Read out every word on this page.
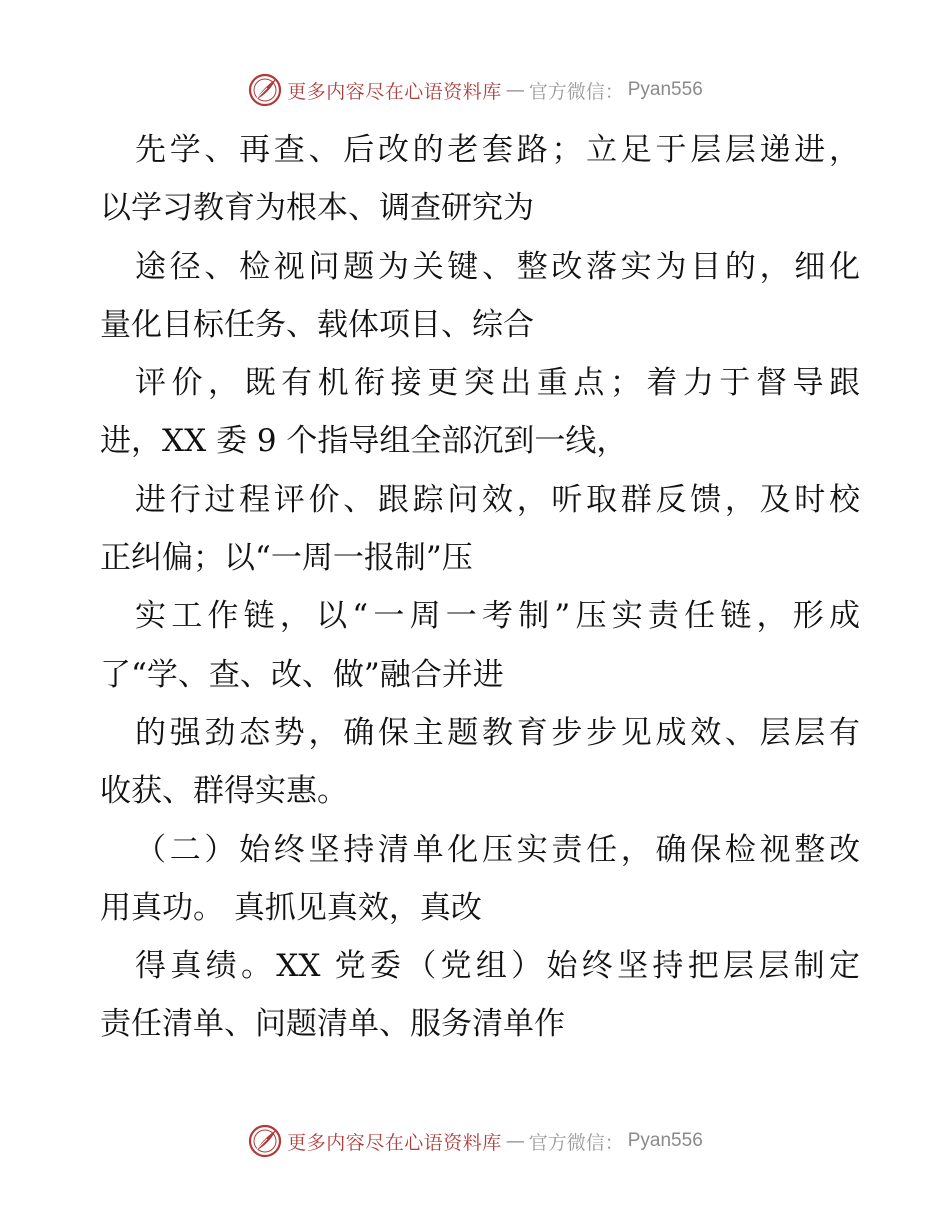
更多内容尽在心语资料库 — 官方微信： Pyan556
先学、再查、后改的老套路；立足于层层递进，
以学习教育为根本、调查研究为
途径、检视问题为关键、整改落实为目的，细化
量化目标任务、载体项目、综合
评价，既有机衔接更突出重点；着力于督导跟
进，XX 委 9 个指导组全部沉到一线，
进行过程评价、跟踪问效，听取群反馈，及时校
正纠偏；以“一周一报制”压
实工作链，以“一周一考制”压实责任链，形成
了“学、查、改、做”融合并进
的强劲态势，确保主题教育步步见成效、层层有
收获、群得实惠。
（二）始终坚持清单化压实责任，确保检视整改
用真功。 真抓见真效，真改
得真绩。XX 党委（党组）始终坚持把层层制定
责任清单、问题清单、服务清单作
更多内容尽在心语资料库 — 官方微信： Pyan556
